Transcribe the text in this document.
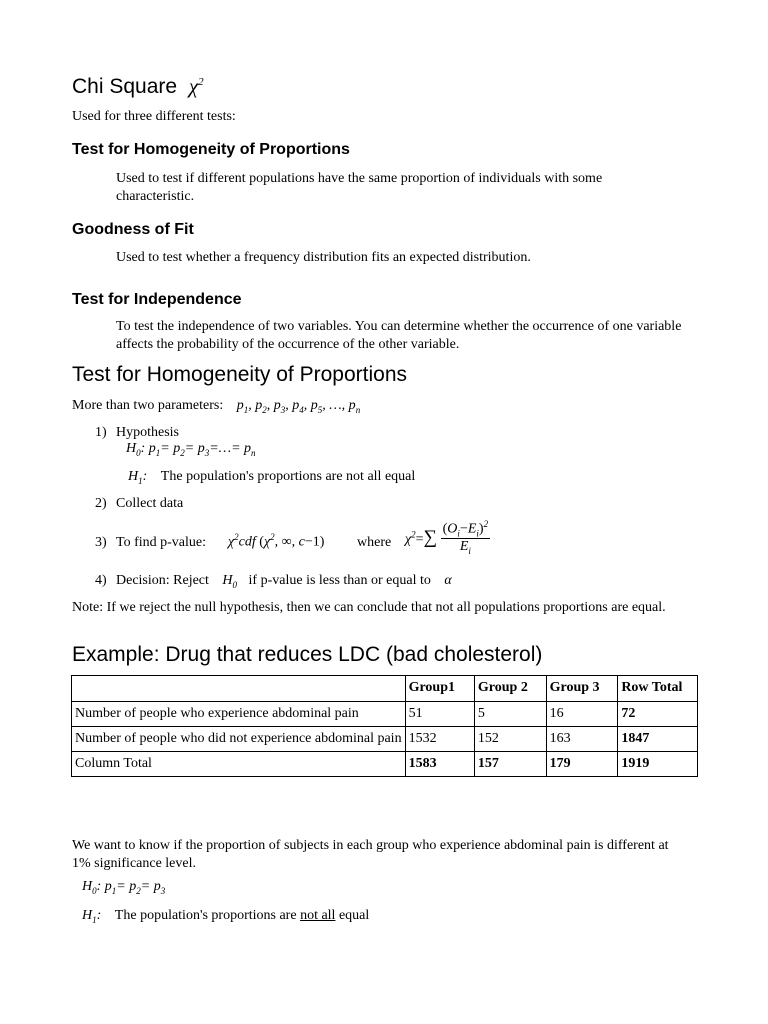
Chi Square $\chi^2$
Used for three different tests:
Test for Homogeneity of Proportions
Used to test if different populations have the same proportion of individuals with some characteristic.
Goodness of Fit
Used to test whether a frequency distribution fits an expected distribution.
Test for Independence
To test the independence of two variables. You can determine whether the occurrence of one variable affects the probability of the occurrence of the other variable.
Test for Homogeneity of Proportions
More than two parameters: $p_1$, $p_2$, $p_3$, $p_4$, $p_5$, …, $p_n$
1) Hypothesis
$H_0$: $p_1= p_2=$ $p_3=\dots= p_n$
$H_1$: The population's proportions are not all equal
2) Collect data
3) To find p-value: $\chi^2cdf$ ($\chi^2$, ∞, c−1) where $\chi^2=\sum \frac{(O_i-E_i)^2}{E_i}$
4) Decision: Reject $H_0$ if p-value is less than or equal to α
Note: If we reject the null hypothesis, then we can conclude that not all populations proportions are equal.
Example: Drug that reduces LDC (bad cholesterol)
	Group1	Group 2	Group 3	Row Total
Number of people who experience abdominal pain	51	5	16	72
Number of people who did not experience abdominal pain	1532	152	163	1847
Column Total	1583	157	179	1919
We want to know if the proportion of subjects in each group who experience abdominal pain is different at 1% significance level.
$H_0$: $p_1= p_2= p_3$
$H_1$: The population's proportions are not all equal
